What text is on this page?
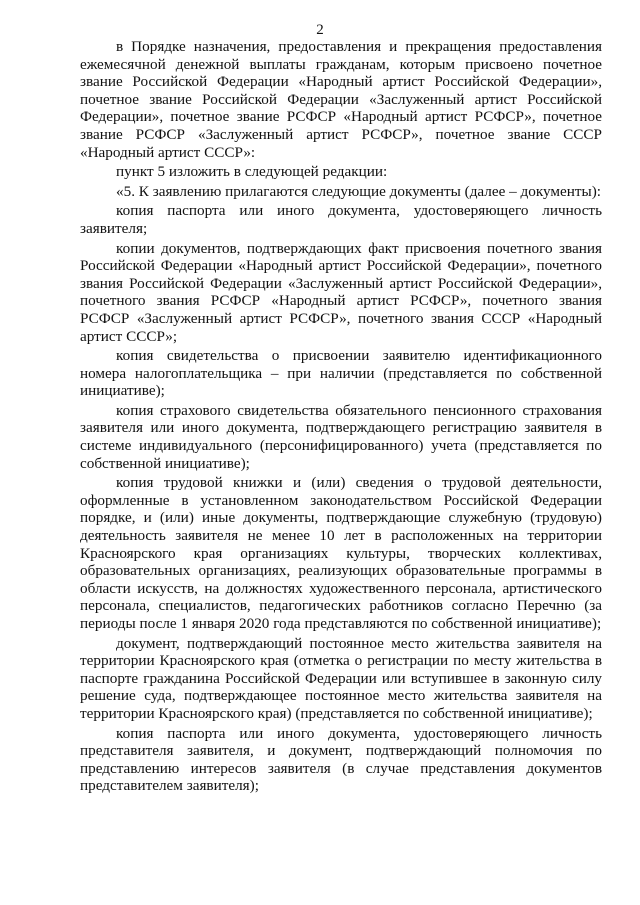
2

в Порядке назначения, предоставления и прекращения предоставления ежемесячной денежной выплаты гражданам, которым присвоено почетное звание Российской Федерации «Народный артист Российской Федерации», почетное звание Российской Федерации «Заслуженный артист Российской Федерации», почетное звание РСФСР «Народный артист РСФСР», почетное звание РСФСР «Заслуженный артист РСФСР», почетное звание СССР «Народный артист СССР»:

пункт 5 изложить в следующей редакции:

«5. К заявлению прилагаются следующие документы (далее – документы):

копия паспорта или иного документа, удостоверяющего личность заявителя;

копии документов, подтверждающих факт присвоения почетного звания Российской Федерации «Народный артист Российской Федерации», почетного звания Российской Федерации «Заслуженный артист Российской Федерации», почетного звания РСФСР «Народный артист РСФСР», почетного звания РСФСР «Заслуженный артист РСФСР», почетного звания СССР «Народный артист СССР»;

копия свидетельства о присвоении заявителю идентификационного номера налогоплательщика – при наличии (представляется по собственной инициативе);

копия страхового свидетельства обязательного пенсионного страхования заявителя или иного документа, подтверждающего регистрацию заявителя в системе индивидуального (персонифицированного) учета (представляется по собственной инициативе);

копия трудовой книжки и (или) сведения о трудовой деятельности, оформленные в установленном законодательством Российской Федерации порядке, и (или) иные документы, подтверждающие служебную (трудовую) деятельность заявителя не менее 10 лет в расположенных на территории Красноярского края организациях культуры, творческих коллективах, образовательных организациях, реализующих образовательные программы в области искусств, на должностях художественного персонала, артистического персонала, специалистов, педагогических работников согласно Перечню (за периоды после 1 января 2020 года представляются по собственной инициативе);

документ, подтверждающий постоянное место жительства заявителя на территории Красноярского края (отметка о регистрации по месту жительства в паспорте гражданина Российской Федерации или вступившее в законную силу решение суда, подтверждающее постоянное место жительства заявителя на территории Красноярского края) (представляется по собственной инициативе);

копия паспорта или иного документа, удостоверяющего личность представителя заявителя, и документ, подтверждающий полномочия по представлению интересов заявителя (в случае представления документов представителем заявителя);
